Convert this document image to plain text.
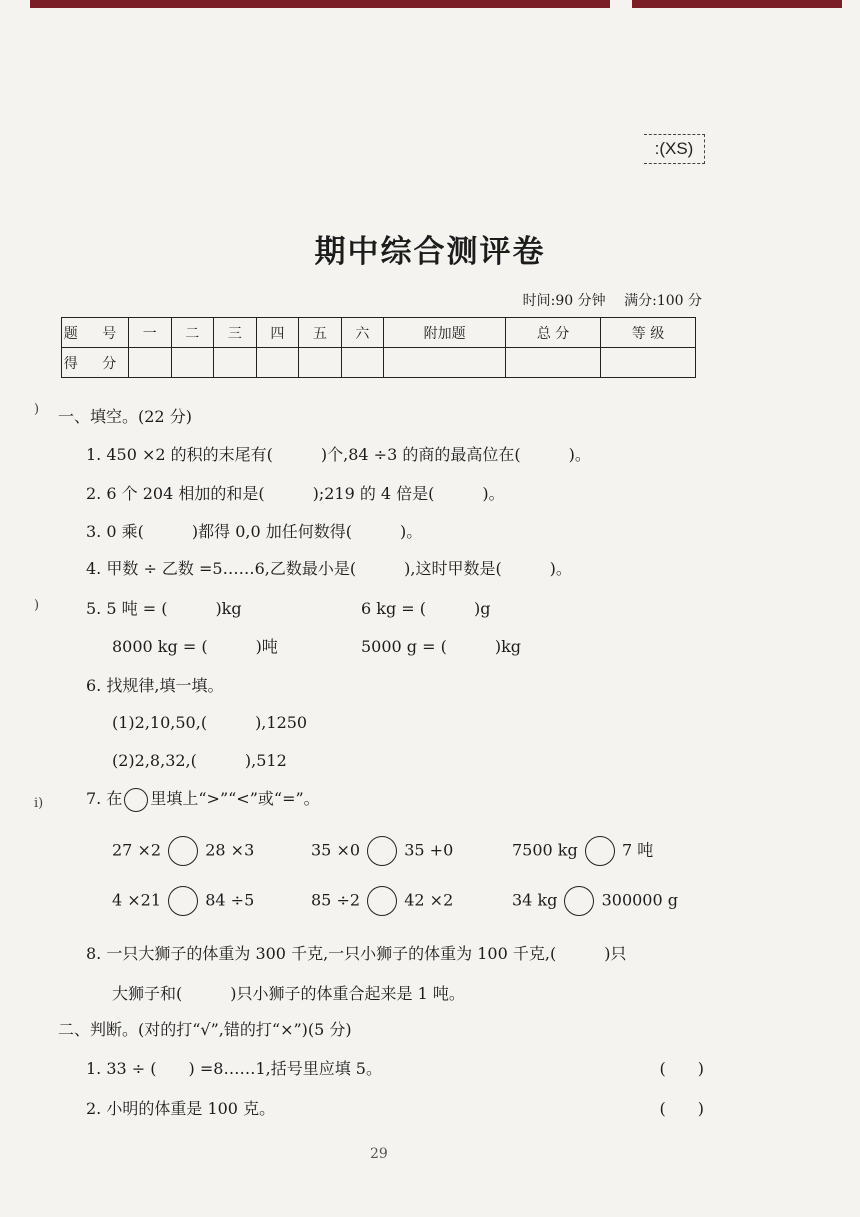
:(XS)
期中综合测评卷
时间:90 分钟 满分:100 分
题 号	一	二	三	四	五	六	附加题	总 分	等 级
得 分									
)
)
i)
一、填空。(22 分)
1. 450 ×2 的积的末尾有(　　　)个,84 ÷3 的商的最高位在(　　　)。
2. 6 个 204 相加的和是(　　　);219 的 4 倍是(　　　)。
3. 0 乘(　　　)都得 0,0 加任何数得(　　　)。
4. 甲数 ÷ 乙数 =5……6,乙数最小是(　　　),这时甲数是(　　　)。
5. 5 吨 = (　　　)kg	6 kg = (　　　)g
8000 kg = (　　　)吨	5000 g = (　　　)kg
6. 找规律,填一填。
(1)2,10,50,(　　　),1250
(2)2,8,32,(　　　),512
7. 在 里填上“>”“<”或“=”。
27 ×2	28 ×3	35 ×0	35 +0	7500 kg	7 吨
4 ×21	84 ÷5	85 ÷2	42 ×2	34 kg	300000 g
8. 一只大狮子的体重为 300 千克,一只小狮子的体重为 100 千克,(　　　)只
大狮子和(　　　)只小狮子的体重合起来是 1 吨。
二、判断。(对的打“√”,错的打“×”)(5 分)
1. 33 ÷ (　　) =8……1,括号里应填 5。	(　　)
2. 小明的体重是 100 克。	(　　)
29
